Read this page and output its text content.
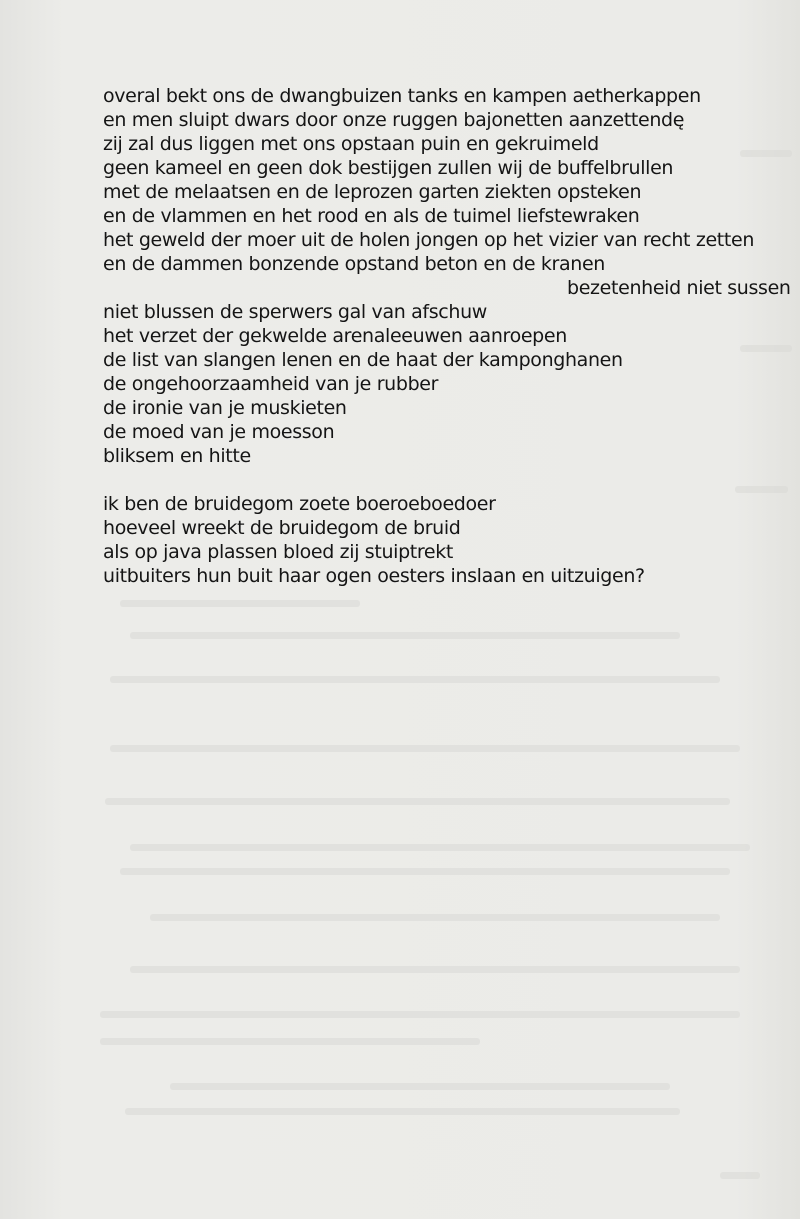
overal bekt ons de dwangbuizen tanks en kampen aetherkappen
en men sluipt dwars door onze ruggen bajonetten aanzettendę
zij zal dus liggen met ons opstaan puin en gekruimeld
geen kameel en geen dok bestijgen zullen wij de buffelbrullen
met de melaatsen en de leprozen garten ziekten opsteken
en de vlammen en het rood en als de tuimel liefstewraken
het geweld der moer uit de holen jongen op het vizier van recht zetten
en de dammen bonzende opstand beton en de kranen
bezetenheid niet sussen
niet blussen de sperwers gal van afschuw
het verzet der gekwelde arenaleeuwen aanroepen
de list van slangen lenen en de haat der kamponghanen
de ongehoorzaamheid van je rubber
de ironie van je muskieten
de moed van je moesson
bliksem en hitte
ik ben de bruidegom zoete boeroeboedoer
hoeveel wreekt de bruidegom de bruid
als op java plassen bloed zij stuiptrekt
uitbuiters hun buit haar ogen oesters inslaan en uitzuigen?
